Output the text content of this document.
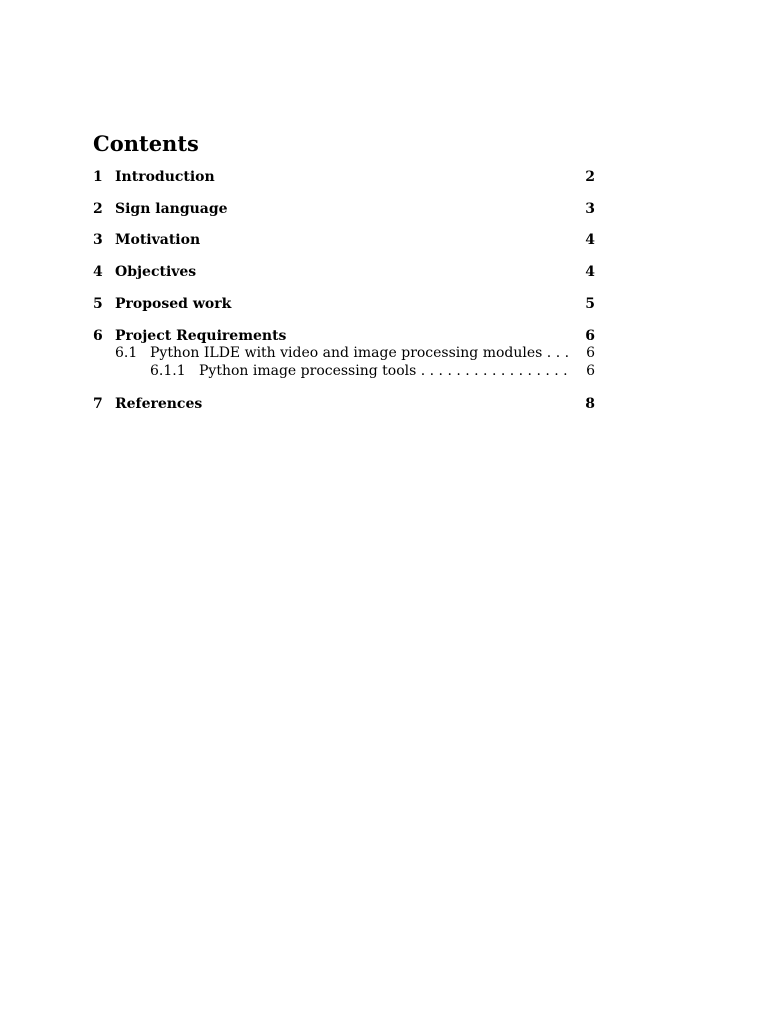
Contents
1 Introduction	2
2 Sign language	3
3 Motivation	4
4 Objectives	4
5 Proposed work	5
6 Project Requirements	6
6.1 Python ILDE with video and image processing modules . .	6
6.1.1 Python image processing tools . .	6
7 References	8
